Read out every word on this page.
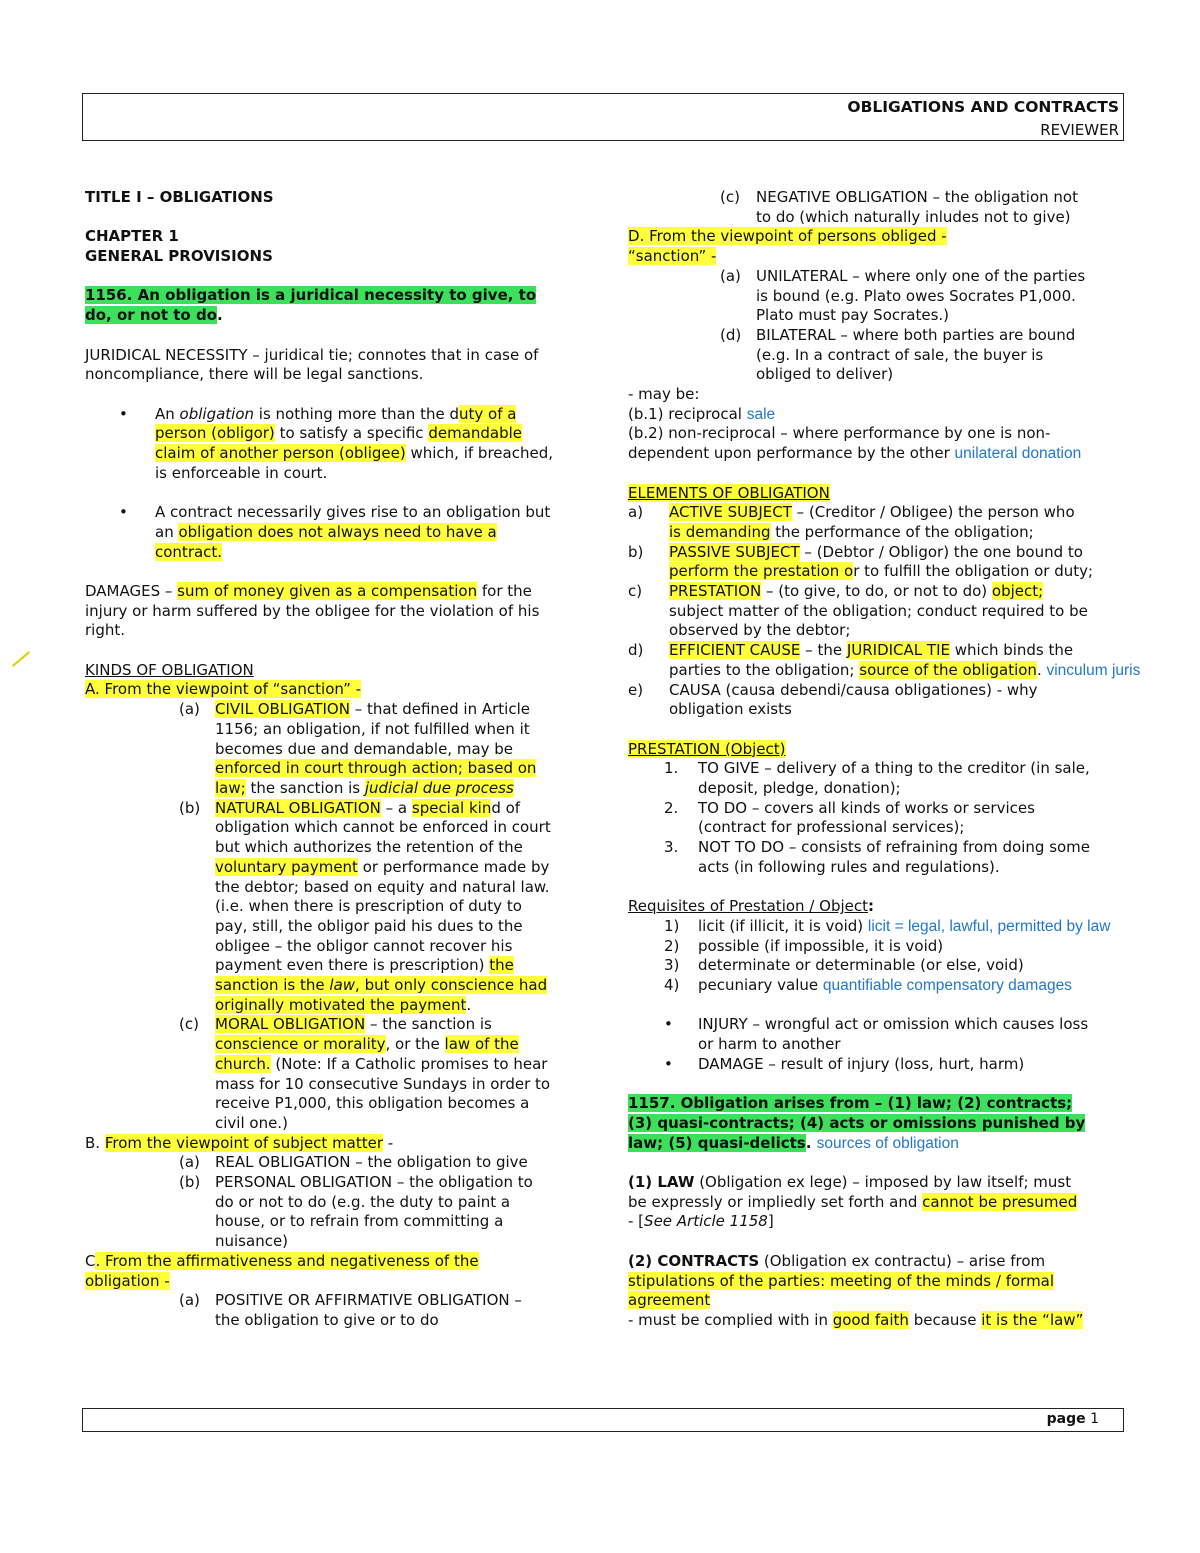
OBLIGATIONS AND CONTRACTS
REVIEWER

TITLE I – OBLIGATIONS

CHAPTER 1

GENERAL PROVISIONS

1156. An obligation is a juridical necessity to give, to

do, or not to do.

JURIDICAL NECESSITY – juridical tie; connotes that in case of

noncompliance, there will be legal sanctions.

• An obligation is nothing more than the duty of a

person (obligor) to satisfy a specific demandable

claim of another person (obligee) which, if breached,

is enforceable in court.

• A contract necessarily gives rise to an obligation but

an obligation does not always need to have a

contract.

DAMAGES – sum of money given as a compensation for the

injury or harm suffered by the obligee for the violation of his

right.

KINDS OF OBLIGATION

A. From the viewpoint of “sanction” -

(a) CIVIL OBLIGATION – that defined in Article

1156; an obligation, if not fulfilled when it

becomes due and demandable, may be

enforced in court through action; based on

law; the sanction is judicial due process

(b) NATURAL OBLIGATION – a special kind of

obligation which cannot be enforced in court

but which authorizes the retention of the

voluntary payment or performance made by

the debtor; based on equity and natural law.

(i.e. when there is prescription of duty to

pay, still, the obligor paid his dues to the

obligee – the obligor cannot recover his

payment even there is prescription) the

sanction is the law, but only conscience had

originally motivated the payment.

(c) MORAL OBLIGATION – the sanction is

conscience or morality, or the law of the

church. (Note: If a Catholic promises to hear

mass for 10 consecutive Sundays in order to

receive P1,000, this obligation becomes a

civil one.)

B. From the viewpoint of subject matter -

(a) REAL OBLIGATION – the obligation to give

(b) PERSONAL OBLIGATION – the obligation to

do or not to do (e.g. the duty to paint a

house, or to refrain from committing a

nuisance)

C. From the affirmativeness and negativeness of the

obligation -

(a) POSITIVE OR AFFIRMATIVE OBLIGATION –

the obligation to give or to do

(c) NEGATIVE OBLIGATION – the obligation not

to do (which naturally inludes not to give)

D. From the viewpoint of persons obliged -

“sanction” -

(a) UNILATERAL – where only one of the parties

is bound (e.g. Plato owes Socrates P1,000.

Plato must pay Socrates.)

(d) BILATERAL – where both parties are bound

(e.g. In a contract of sale, the buyer is

obliged to deliver)

- may be:

(b.1) reciprocal sale

(b.2) non-reciprocal – where performance by one is non-

dependent upon performance by the other unilateral donation

ELEMENTS OF OBLIGATION

a) ACTIVE SUBJECT – (Creditor / Obligee) the person who

is demanding the performance of the obligation;

b) PASSIVE SUBJECT – (Debtor / Obligor) the one bound to

perform the prestation or to fulfill the obligation or duty;

c) PRESTATION – (to give, to do, or not to do) object;

subject matter of the obligation; conduct required to be

observed by the debtor;

d) EFFICIENT CAUSE – the JURIDICAL TIE which binds the

parties to the obligation; source of the obligation. vinculum juris

e) CAUSA (causa debendi/causa obligationes) - why

obligation exists

PRESTATION (Object)

1. TO GIVE – delivery of a thing to the creditor (in sale,

deposit, pledge, donation);

2. TO DO – covers all kinds of works or services

(contract for professional services);

3. NOT TO DO – consists of refraining from doing some

acts (in following rules and regulations).

Requisites of Prestation / Object:

1) licit (if illicit, it is void) licit = legal, lawful, permitted by law

2) possible (if impossible, it is void)

3) determinate or determinable (or else, void)

4) pecuniary value quantifiable compensatory damages

• INJURY – wrongful act or omission which causes loss

or harm to another

• DAMAGE – result of injury (loss, hurt, harm)

1157. Obligation arises from – (1) law; (2) contracts;

(3) quasi-contracts; (4) acts or omissions punished by

law; (5) quasi-delicts. sources of obligation

(1) LAW (Obligation ex lege) – imposed by law itself; must

be expressly or impliedly set forth and cannot be presumed

- [See Article 1158]

(2) CONTRACTS (Obligation ex contractu) – arise from

stipulations of the parties: meeting of the minds / formal

agreement

- must be complied with in good faith because it is the “law”

page 1
